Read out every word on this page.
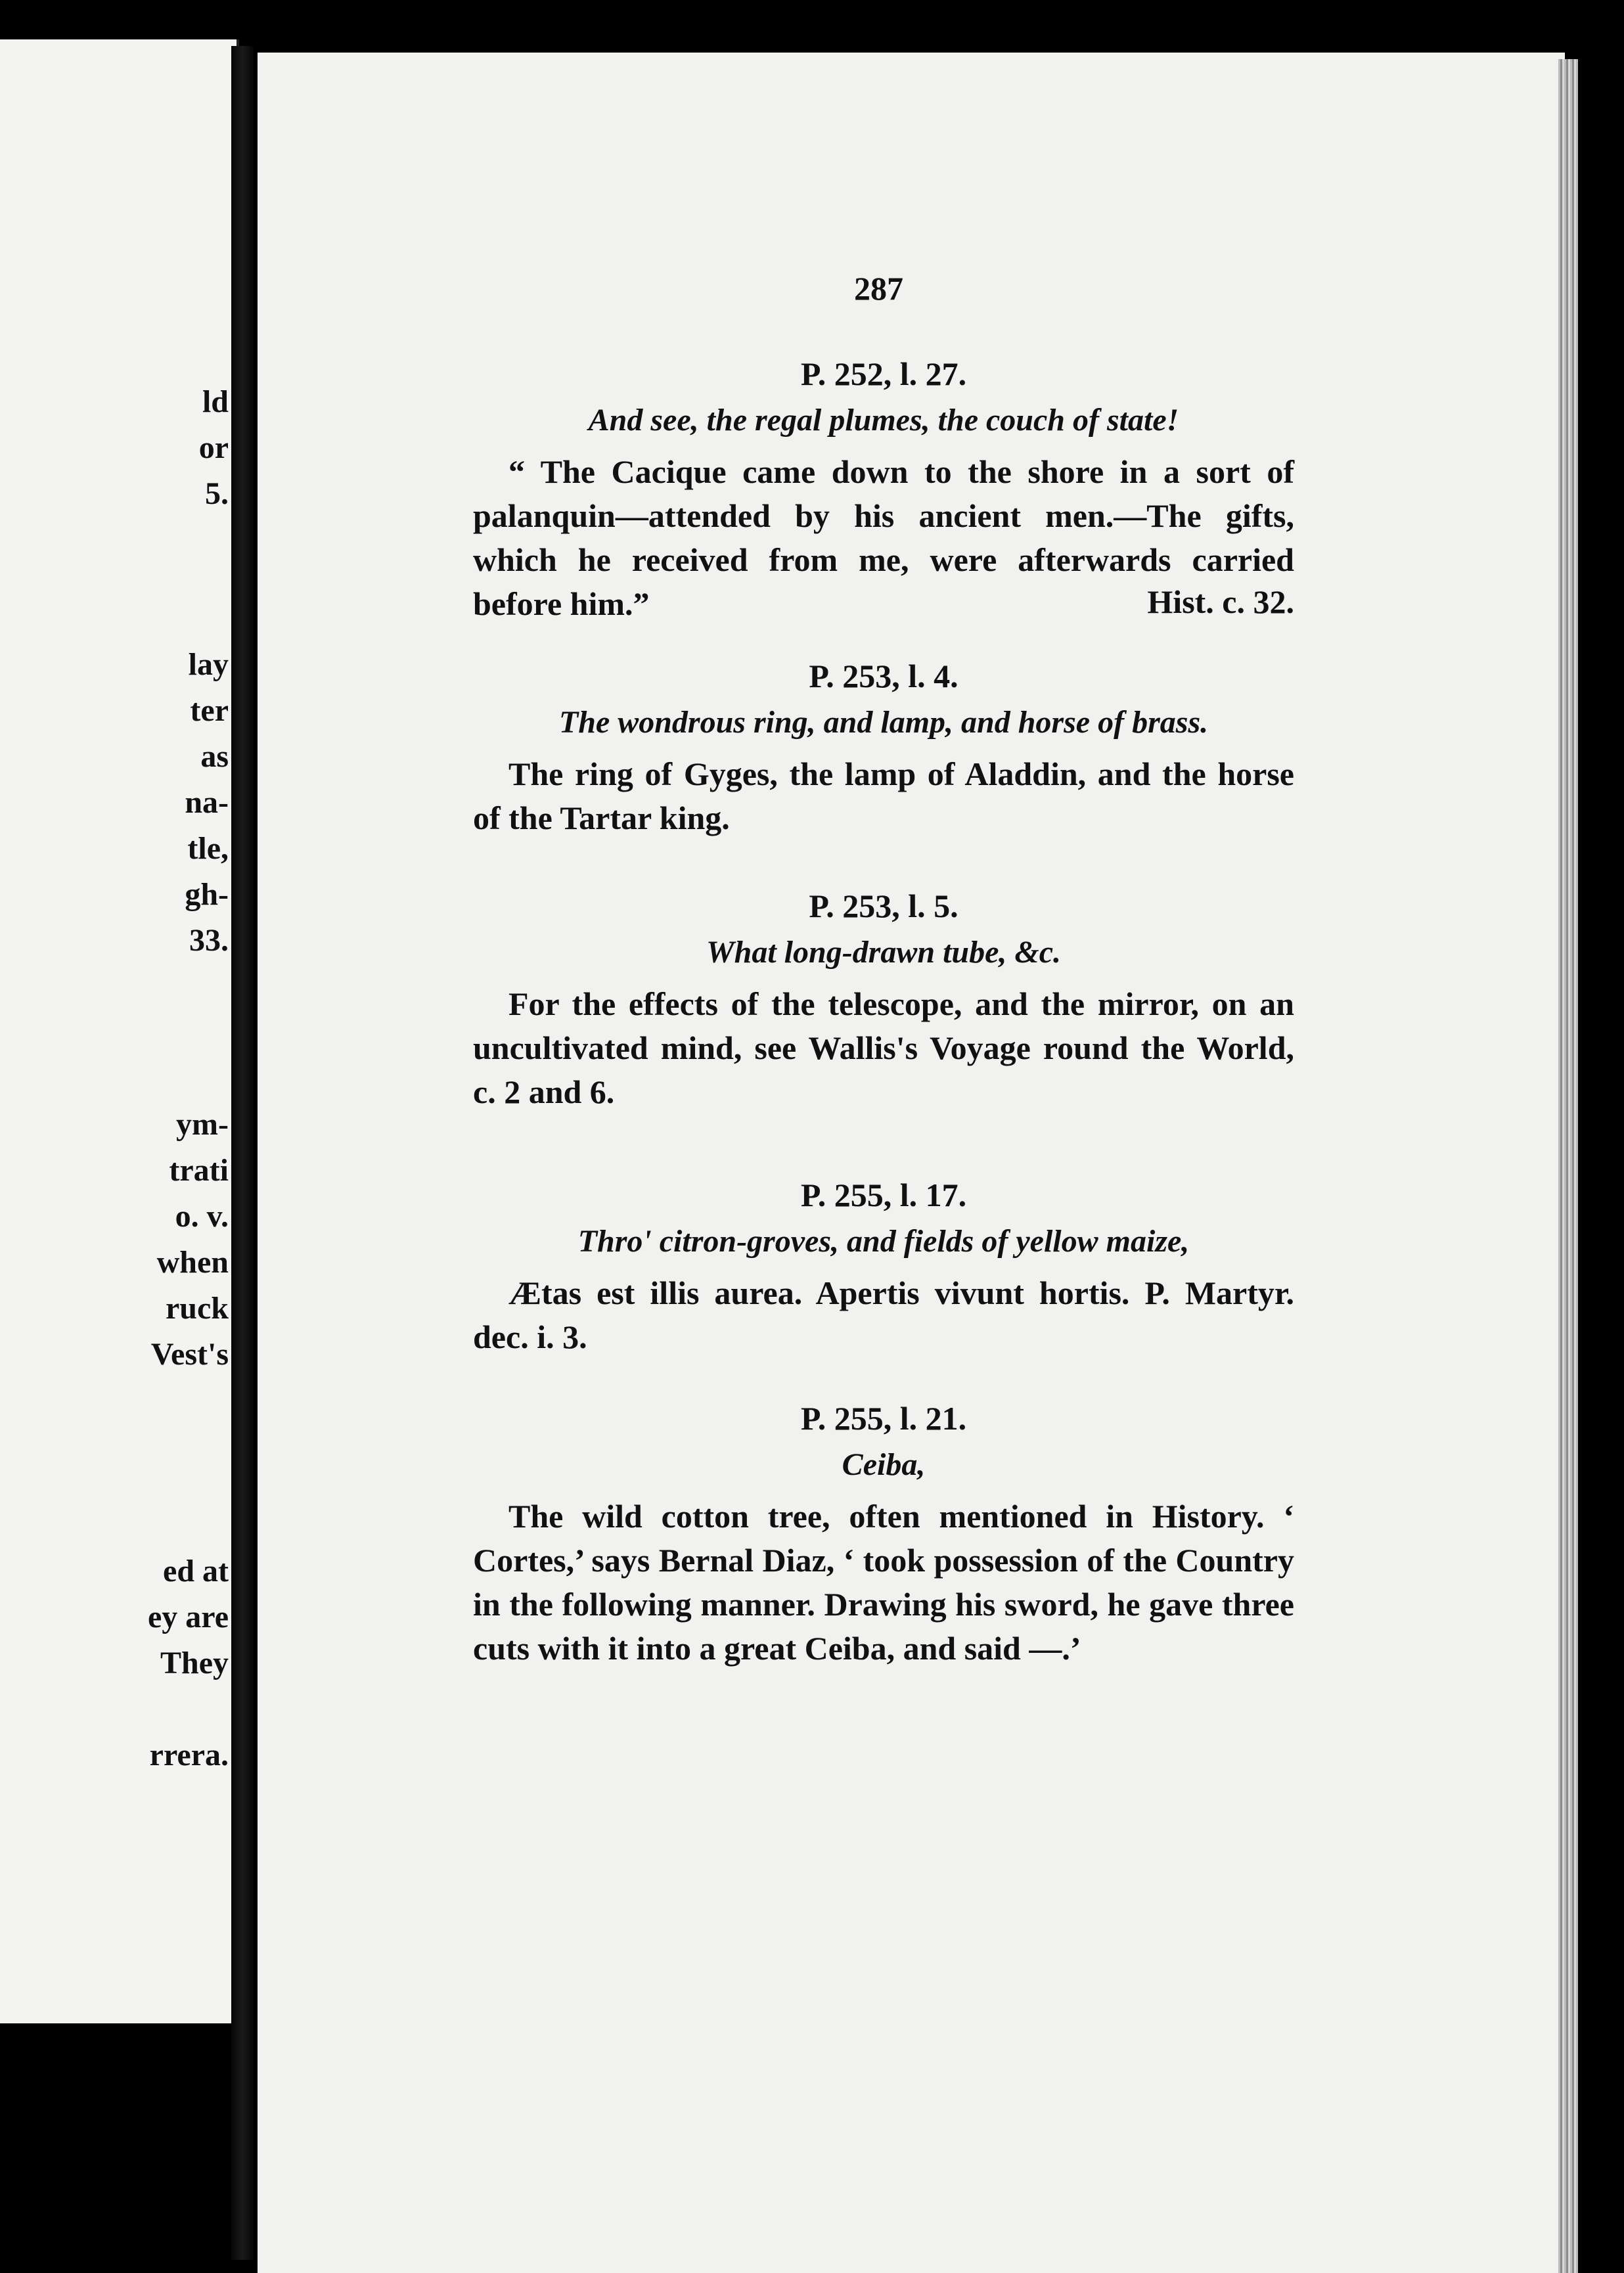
ld
or
5.
lay
ter
as
na-
tle,
gh-
33.
ym-
trati
o. v.
when
ruck
Vest's
ed at
ey are
They
rrera.
287

P. 252, l. 27.

And see, the regal plumes, the couch of state!

“ The Cacique came down to the shore in a sort of palanquin—attended by his ancient men.—The gifts, which he received from me, were afterwards carried before him.”	Hist. c. 32.

P. 253, l. 4.

The wondrous ring, and lamp, and horse of brass.

The ring of Gyges, the lamp of Aladdin, and the horse of the Tartar king.

P. 253, l. 5.

What long-drawn tube, &c.

For the effects of the telescope, and the mirror, on an uncultivated mind, see Wallis's Voyage round the World, c. 2 and 6.

P. 255, l. 17.

Thro' citron-groves, and fields of yellow maize,

Ætas est illis aurea. Apertis vivunt hortis. P. Martyr. dec. i. 3.

P. 255, l. 21.

Ceiba,

The wild cotton tree, often mentioned in History. ‘ Cortes,’ says Bernal Diaz, ‘ took possession of the Country in the following manner. Drawing his sword, he gave three cuts with it into a great Ceiba, and said —.’
